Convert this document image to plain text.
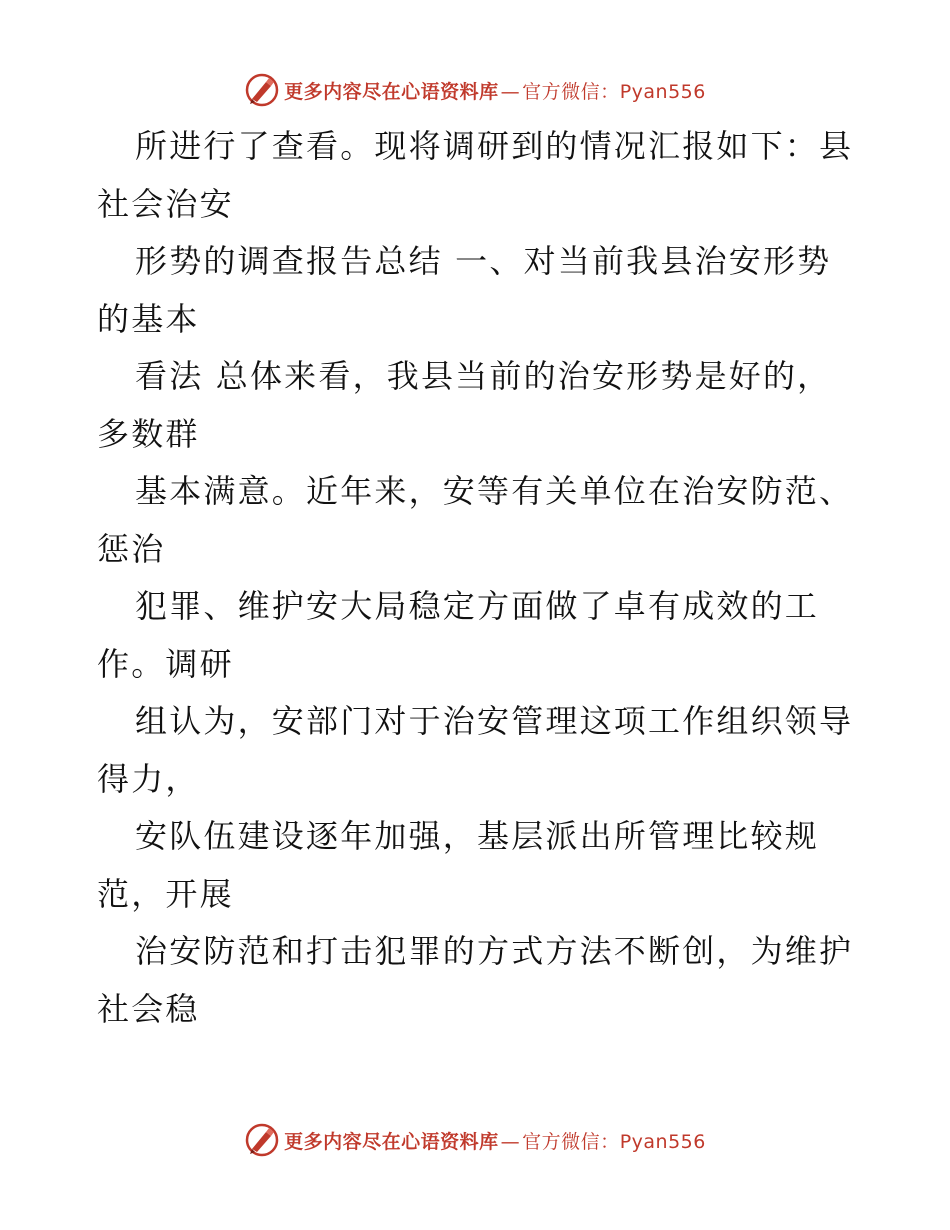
更多内容尽在心语资料库 — 官方微信：Pyan556
所进行了查看。现将调研到的情况汇报如下：县
社会治安
形势的调查报告总结 一、对当前我县治安形势
的基本
看法 总体来看，我县当前的治安形势是好的，
多数群
基本满意。近年来，安等有关单位在治安防范、
惩治
犯罪、维护安大局稳定方面做了卓有成效的工
作。调研
组认为，安部门对于治安管理这项工作组织领导
得力，
安队伍建设逐年加强，基层派出所管理比较规
范，开展
治安防范和打击犯罪的方式方法不断创，为维护
社会稳
更多内容尽在心语资料库 — 官方微信：Pyan556
